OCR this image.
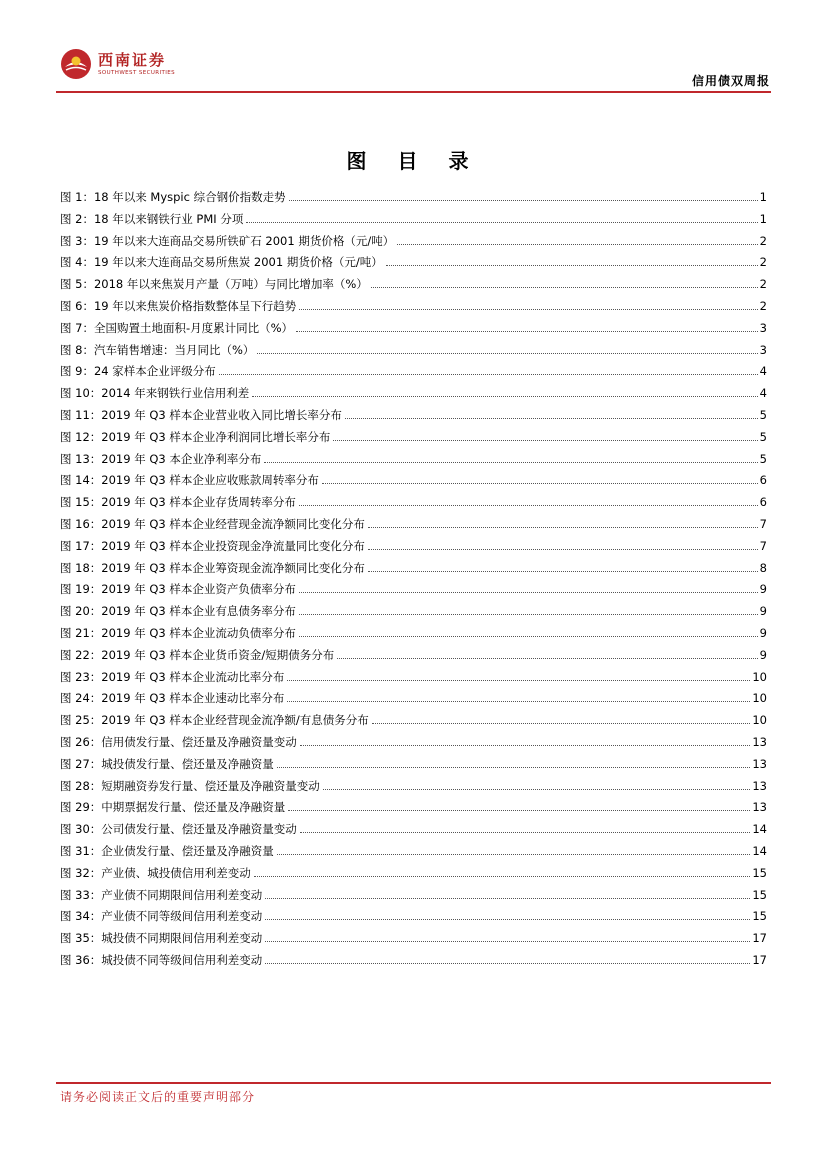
西南证券
SOUTHWEST SECURITIES
信用债双周报
图 目 录
图 1：18 年以来 Myspic 综合钢价指数走势	1
图 2：18 年以来钢铁行业 PMI 分项	1
图 3：19 年以来大连商品交易所铁矿石 2001 期货价格（元/吨）	2
图 4：19 年以来大连商品交易所焦炭 2001 期货价格（元/吨）	2
图 5：2018 年以来焦炭月产量（万吨）与同比增加率（%）	2
图 6：19 年以来焦炭价格指数整体呈下行趋势	2
图 7：全国购置土地面积-月度累计同比（%）	3
图 8：汽车销售增速：当月同比（%）	3
图 9：24 家样本企业评级分布	4
图 10：2014 年来钢铁行业信用利差	4
图 11：2019 年 Q3 样本企业营业收入同比增长率分布	5
图 12：2019 年 Q3 样本企业净利润同比增长率分布	5
图 13：2019 年 Q3 本企业净利率分布	5
图 14：2019 年 Q3 样本企业应收账款周转率分布	6
图 15：2019 年 Q3 样本企业存货周转率分布	6
图 16：2019 年 Q3 样本企业经营现金流净额同比变化分布	7
图 17：2019 年 Q3 样本企业投资现金净流量同比变化分布	7
图 18：2019 年 Q3 样本企业筹资现金流净额同比变化分布	8
图 19：2019 年 Q3 样本企业资产负债率分布	9
图 20：2019 年 Q3 样本企业有息债务率分布	9
图 21：2019 年 Q3 样本企业流动负债率分布	9
图 22：2019 年 Q3 样本企业货币资金/短期债务分布	9
图 23：2019 年 Q3 样本企业流动比率分布	10
图 24：2019 年 Q3 样本企业速动比率分布	10
图 25：2019 年 Q3 样本企业经营现金流净额/有息债务分布	10
图 26：信用债发行量、偿还量及净融资量变动	13
图 27：城投债发行量、偿还量及净融资量	13
图 28：短期融资券发行量、偿还量及净融资量变动	13
图 29：中期票据发行量、偿还量及净融资量	13
图 30：公司债发行量、偿还量及净融资量变动	14
图 31：企业债发行量、偿还量及净融资量	14
图 32：产业债、城投债信用利差变动	15
图 33：产业债不同期限间信用利差变动	15
图 34：产业债不同等级间信用利差变动	15
图 35：城投债不同期限间信用利差变动	17
图 36：城投债不同等级间信用利差变动	17
请务必阅读正文后的重要声明部分
